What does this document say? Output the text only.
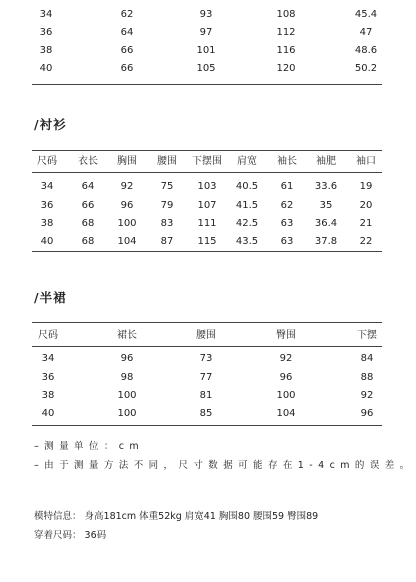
/衬衫
/半裙
– 测 量 单 位 ： c m
– 由 于 测 量 方 法 不 同 ， 尺 寸 数 据 可 能 存 在 1 - 4 c m 的 误 差 。
模特信息： 身高181cm 体重52kg 肩宽41 胸围80 腰围59 臀围89
穿着尺码： 36码
34	62	93	108	45.4
36	64	97	112	47
38	66	101	116	48.6
40	66	105	120	50.2
尺码 衣长 胸围 腰围 下摆围 肩宽 袖长 袖肥 袖口
34	64	92	75 103 40.5 61 33.6 19
36	66	96	79 107 41.5 62	35	20
38	68 100 83 111 42.5 63 36.4 21
40	68 104 87 115 43.5 63 37.8 22
尺码	裙长	腰围	臀围	下摆
34	96	73	92	84
36	98	77	96	88
38	100	81	100	92
40	100	85	104	96
